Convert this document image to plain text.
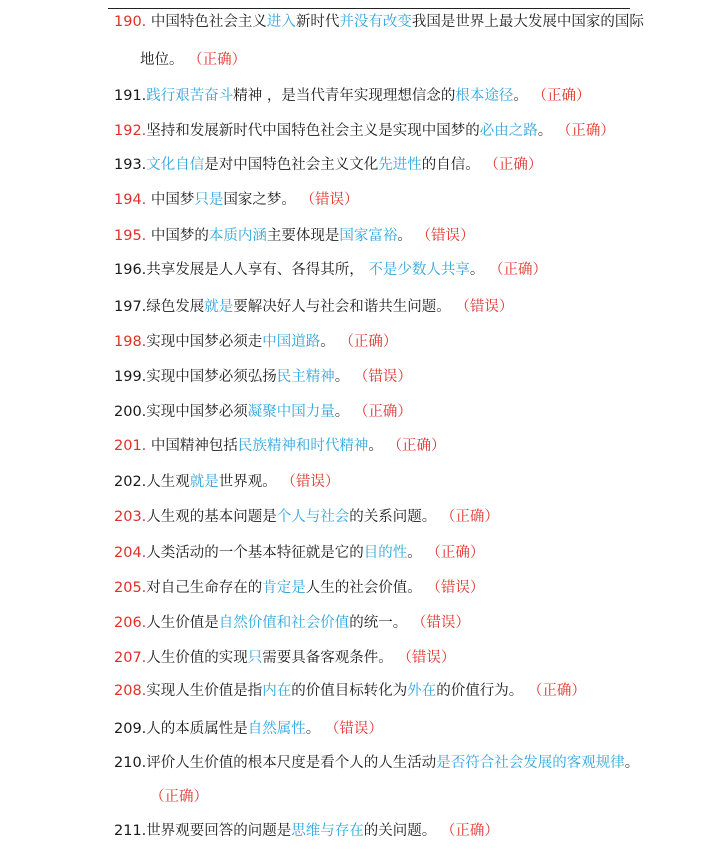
190. 中国特色社会主义进入新时代并没有改变我国是世界上最大发展中国家的国际
地位。 （正确）
191.践行艰苦奋斗精神 ，是当代青年实现理想信念的根本途径。 （正确）
192.坚持和发展新时代中国特色社会主义是实现中国梦的必由之路。 （正确）
193.文化自信是对中国特色社会主义文化先进性的自信。 （正确）
194. 中国梦只是国家之梦。 （错误）
195. 中国梦的本质内涵主要体现是国家富裕。 （错误）
196.共享发展是人人享有、各得其所， 不是少数人共享。 （正确）
197.绿色发展就是要解决好人与社会和谐共生问题。 （错误）
198.实现中国梦必须走中国道路。 （正确）
199.实现中国梦必须弘扬民主精神。 （错误）
200.实现中国梦必须凝聚中国力量。 （正确）
201. 中国精神包括民族精神和时代精神。 （正确）
202.人生观就是世界观。 （错误）
203.人生观的基本问题是个人与社会的关系问题。 （正确）
204.人类活动的一个基本特征就是它的目的性。 （正确）
205.对自己生命存在的肯定是人生的社会价值。 （错误）
206.人生价值是自然价值和社会价值的统一。 （错误）
207.人生价值的实现只需要具备客观条件。 （错误）
208.实现人生价值是指内在的价值目标转化为外在的价值行为。 （正确）
209.人的本质属性是自然属性。 （错误）
210.评价人生价值的根本尺度是看个人的人生活动是否符合社会发展的客观规律。
（正确）
211.世界观要回答的问题是思维与存在的关问题。 （正确）
